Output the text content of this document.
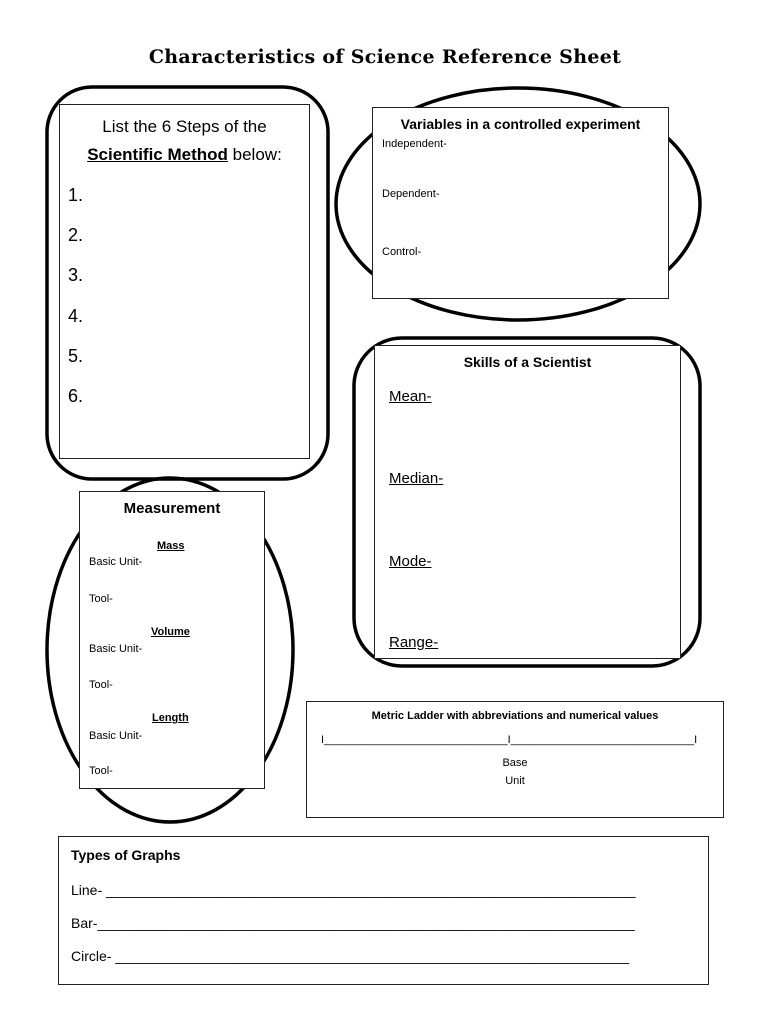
Characteristics of Science Reference Sheet
List the 6 Steps of the
Scientific Method below:
1.
2.
3.
4.
5.
6.
Variables in a controlled experiment
Independent-
Dependent-
Control-
Skills of a Scientist
Mean-
Median-
Mode-
Range-
Measurement
Mass
Basic Unit-
Tool-
Volume
Basic Unit-
Tool-
Length
Basic Unit-
Tool-
Metric Ladder with abbreviations and numerical values
I______________________________I______________________________I
Base
Unit
Types of Graphs
Line- ____________________________________________________________________
Bar-_____________________________________________________________________
Circle- __________________________________________________________________
